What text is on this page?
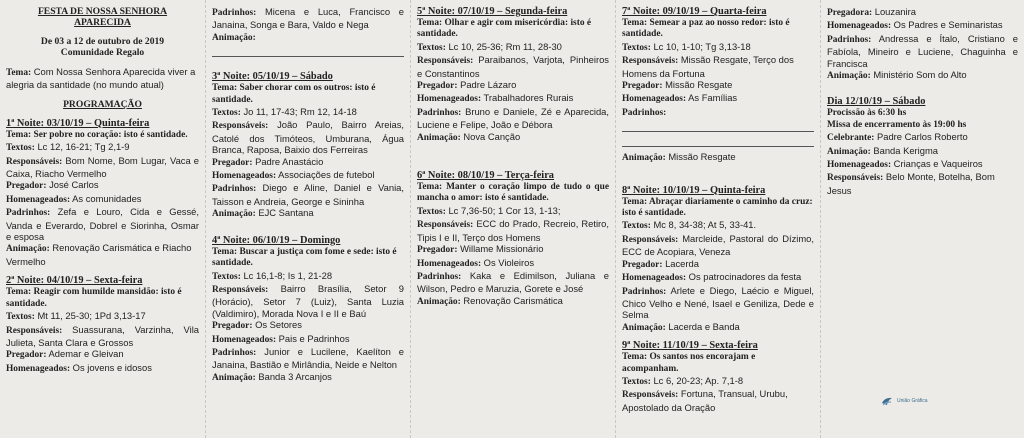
FESTA DE NOSSA SENHORA
APARECIDA
De 03 a 12 de outubro de 2019
Comunidade Regalo
Tema: Com Nossa Senhora Aparecida viver a alegria da santidade (no mundo atual)
PROGRAMAÇÃO
1ª Noite: 03/10/19 – Quinta-feira
Tema: Ser pobre no coração: isto é santidade.
Textos: Lc 12, 16-21; Tg 2,1-9
Responsáveis: Bom Nome, Bom Lugar, Vaca e Caixa, Riacho Vermelho
Pregador: José Carlos
Homenageados: As comunidades
Padrinhos: Zefa e Louro, Cida e Gessé, Vanda e Everardo, Dobrel e Siorinha, Osmar e esposa
Animação: Renovação Carismática e Riacho Vermelho
2ª Noite: 04/10/19 – Sexta-feira
Tema: Reagir com humilde mansidão: isto é santidade.
Textos: Mt 11, 25-30; 1Pd 3,13-17
Responsáveis: Suassurana, Varzinha, Vila Julieta, Santa Clara e Grossos
Pregador: Ademar e Gleivan
Homenageados: Os jovens e idosos
Padrinhos: Micena e Luca, Francisco e Janaina, Songa e Bara, Valdo e Nega
Animação:
3ª Noite: 05/10/19 – Sábado
Tema: Saber chorar com os outros: isto é santidade.
Textos: Jo 11, 17-43; Rm 12, 14-18
Responsáveis: João Paulo, Bairro Areias, Catolé dos Timóteos, Umburana, Água Branca, Raposa, Baixio dos Ferreiras
Pregador: Padre Anastácio
Homenageados: Associações de futebol
Padrinhos: Diego e Aline, Daniel e Vania, Taisson e Andreia, George e Sininha
Animação: EJC Santana
4ª Noite: 06/10/19 – Domingo
Tema: Buscar a justiça com fome e sede: isto é santidade.
Textos: Lc 16,1-8; Is 1, 21-28
Responsáveis: Bairro Brasília, Setor 9 (Horácio), Setor 7 (Luiz), Santa Luzia (Valdimiro), Morada Nova I e II e Baú
Pregador: Os Setores
Homenageados: Pais e Padrinhos
Padrinhos: Junior e Lucilene, Kaelíton e Janaina, Bastião e Mirlândia, Neide e Nelton
Animação: Banda 3 Arcanjos
5ª Noite: 07/10/19 – Segunda-feira
Tema: Olhar e agir com misericórdia: isto é santidade.
Textos: Lc 10, 25-36; Rm 11, 28-30
Responsáveis: Paraibanos, Varjota, Pinheiros e Constantinos
Pregador: Padre Lázaro
Homenageados: Trabalhadores Rurais
Padrinhos: Bruno e Daniele, Zé e Aparecida, Luciene e Felipe, João e Débora
Animação: Nova Canção
6ª Noite: 08/10/19 – Terça-feira
Tema: Manter o coração limpo de tudo o que mancha o amor: isto é santidade.
Textos: Lc 7,36-50; 1 Cor 13, 1-13;
Responsáveis: ECC do Prado, Recreio, Retiro, Tipis I e II, Terço dos Homens
Pregador: Willame Missionário
Homenageados: Os Violeiros
Padrinhos: Kaka e Edimilson, Juliana e Wilson, Pedro e Maruzia, Gorete e José
Animação: Renovação Carismática
7ª Noite: 09/10/19 – Quarta-feira
Tema: Semear a paz ao nosso redor: isto é santidade.
Textos: Lc 10, 1-10; Tg 3,13-18
Responsáveis: Missão Resgate, Terço dos Homens da Fortuna
Pregador: Missão Resgate
Homenageados: As Famílias
Padrinhos:
Animação: Missão Resgate
8ª Noite: 10/10/19 – Quinta-feira
Tema: Abraçar diariamente o caminho da cruz: isto é santidade.
Textos: Mc 8, 34-38; At 5, 33-41.
Responsáveis: Marcleide, Pastoral do Dízimo, ECC de Acopiara, Veneza
Pregador: Lacerda
Homenageados: Os patrocinadores da festa
Padrinhos: Arlete e Diego, Laécio e Miguel, Chico Velho e Nené, Isael e Geniliza, Dede e Selma
Animação: Lacerda e Banda
9ª Noite: 11/10/19 – Sexta-feira
Tema: Os santos nos encorajam e acompanham.
Textos: Lc 6, 20-23; Ap. 7,1-8
Responsáveis: Fortuna, Transual, Urubu, Apostolado da Oração
Pregadora: Louzanira
Homenageados: Os Padres e Seminaristas
Padrinhos: Andressa e Ítalo, Cristiano e Fabíola, Mineiro e Luciene, Chaguinha e Francisca
Animação: Ministério Som do Alto
Dia 12/10/19 – Sábado
Procissão às 6:30 hs
Missa de encerramento às 19:00 hs
Celebrante: Padre Carlos Roberto
Animação: Banda Kerigma
Homenageados: Crianças e Vaqueiros
Responsáveis: Belo Monte, Botelha, Bom Jesus
União Gráfica
